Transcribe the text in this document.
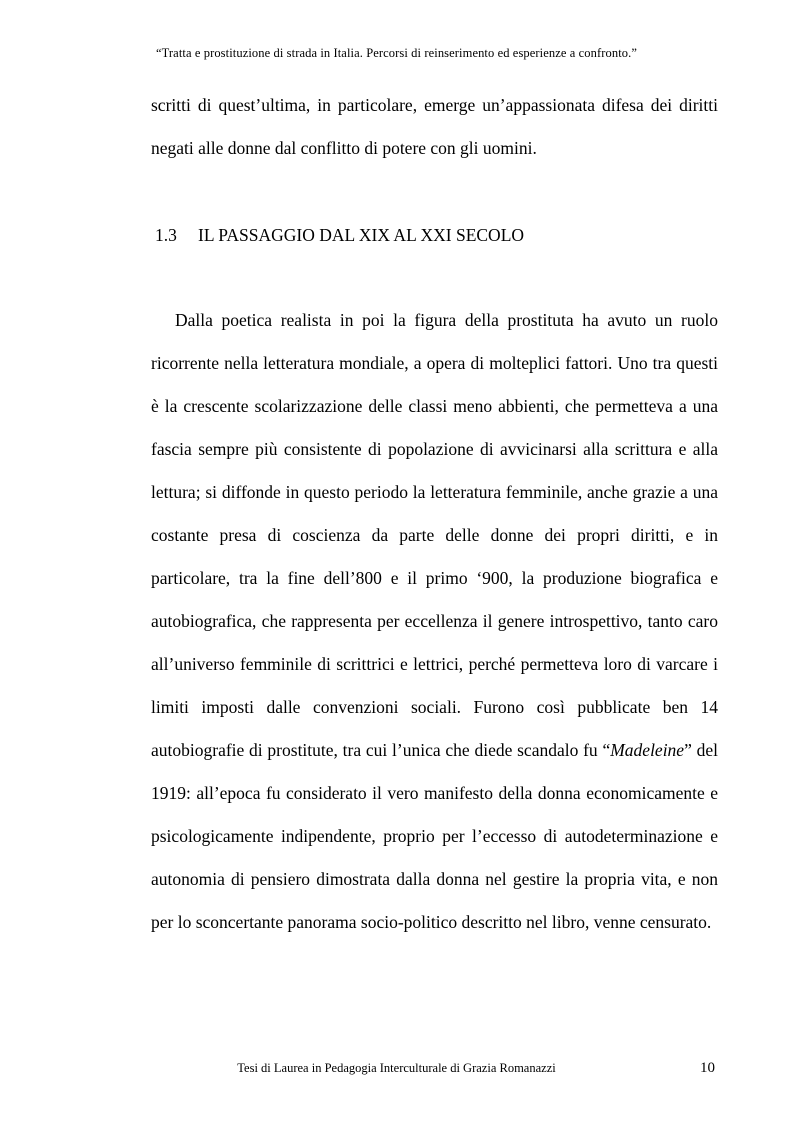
“Tratta e prostituzione di strada in Italia. Percorsi di reinserimento ed esperienze a confronto.”

scritti di quest’ultima, in particolare, emerge un’appassionata difesa dei diritti negati alle donne dal conflitto di potere con gli uomini.

1.3 IL PASSAGGIO DAL XIX AL XXI SECOLO

Dalla poetica realista in poi la figura della prostituta ha avuto un ruolo ricorrente nella letteratura mondiale, a opera di molteplici fattori. Uno tra questi è la crescente scolarizzazione delle classi meno abbienti, che permetteva a una fascia sempre più consistente di popolazione di avvicinarsi alla scrittura e alla lettura; si diffonde in questo periodo la letteratura femminile, anche grazie a una costante presa di coscienza da parte delle donne dei propri diritti, e in particolare, tra la fine dell’800 e il primo ‘900, la produzione biografica e autobiografica, che rappresenta per eccellenza il genere introspettivo, tanto caro all’universo femminile di scrittrici e lettrici, perché permetteva loro di varcare i limiti imposti dalle convenzioni sociali. Furono così pubblicate ben 14 autobiografie di prostitute, tra cui l’unica che diede scandalo fu “Madeleine” del 1919: all’epoca fu considerato il vero manifesto della donna economicamente e psicologicamente indipendente, proprio per l’eccesso di autodeterminazione e autonomia di pensiero dimostrata dalla donna nel gestire la propria vita, e non per lo sconcertante panorama socio-politico descritto nel libro, venne censurato.

Tesi di Laurea in Pedagogia Interculturale di Grazia Romanazzi	10
